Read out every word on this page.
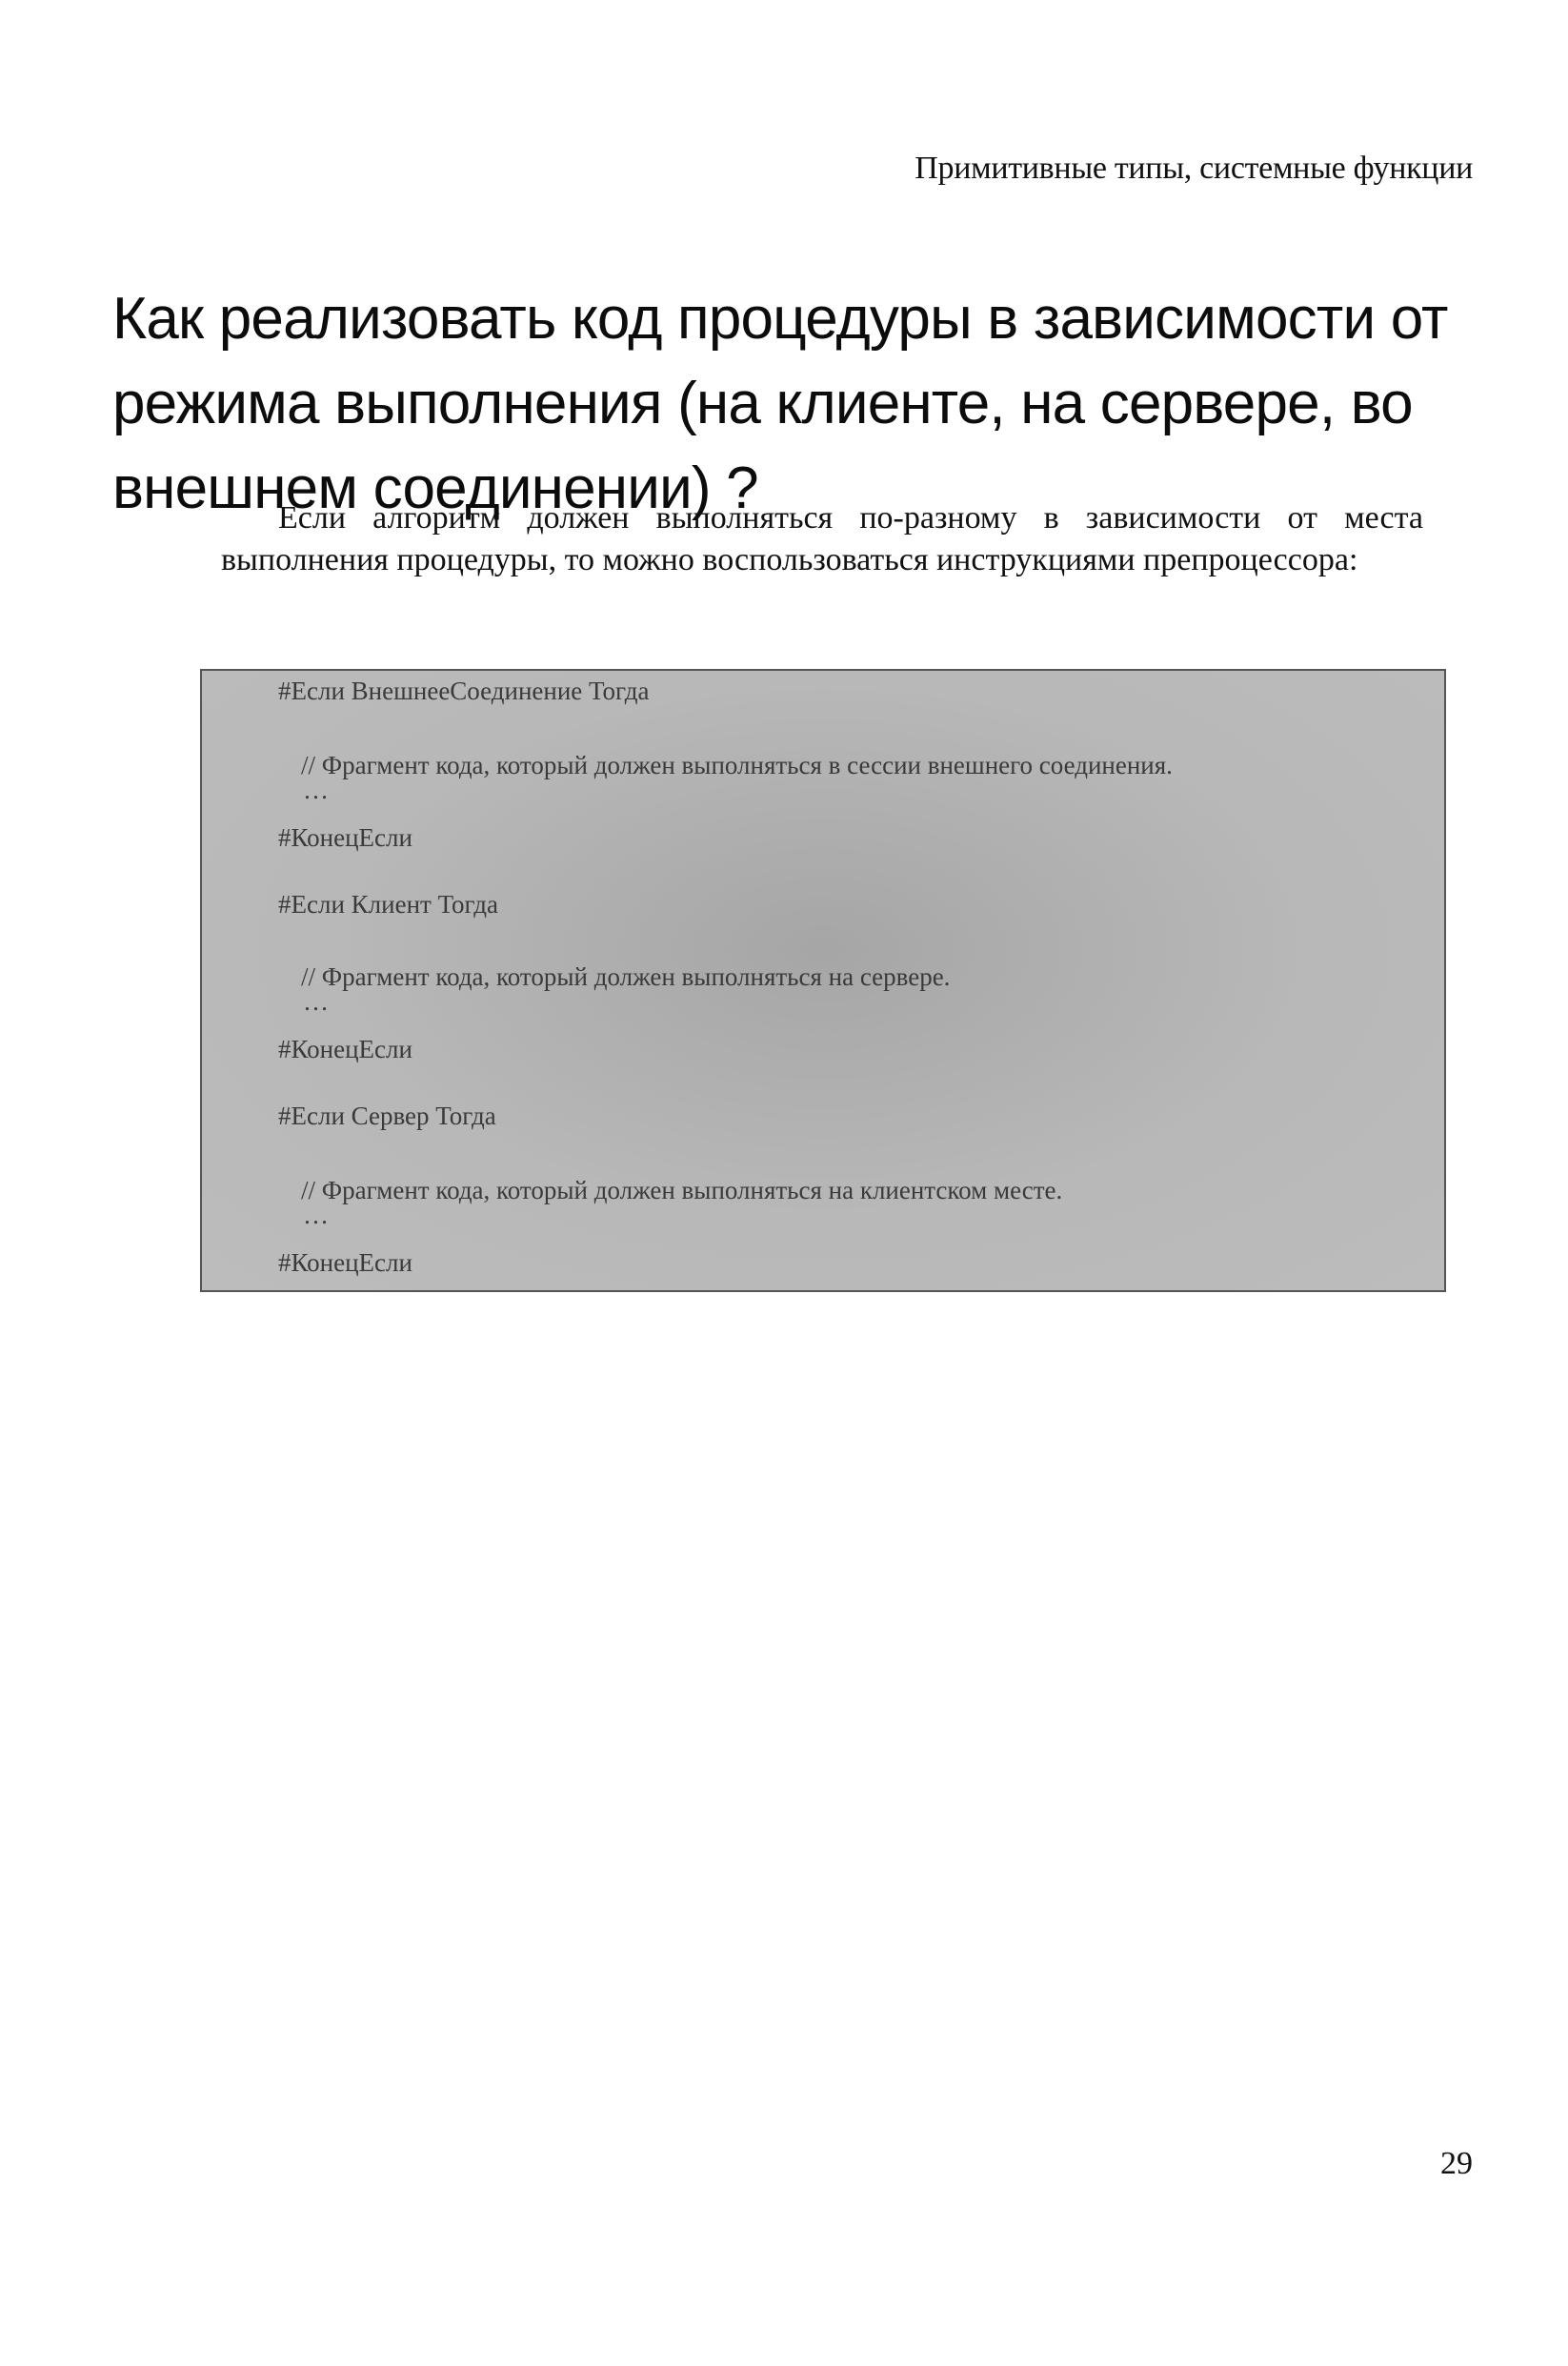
Примитивные типы, системные функции
Как реализовать код процедуры в зависимости от режима выполнения (на клиенте, на сервере, во внешнем соединении) ?

Если алгоритм должен выполняться по-разному в зависимости от места выполнения процедуры, то можно воспользоваться инструкциями препроцессора:

#Если ВнешнееСоединение Тогда
// Фрагмент кода, который должен выполняться в сессии внешнего соединения.
…
#КонецЕсли
#Если Клиент Тогда
// Фрагмент кода, который должен выполняться на сервере.
…
#КонецЕсли
#Если Сервер Тогда
// Фрагмент кода, который должен выполняться на клиентском месте.
…
#КонецЕсли
29
